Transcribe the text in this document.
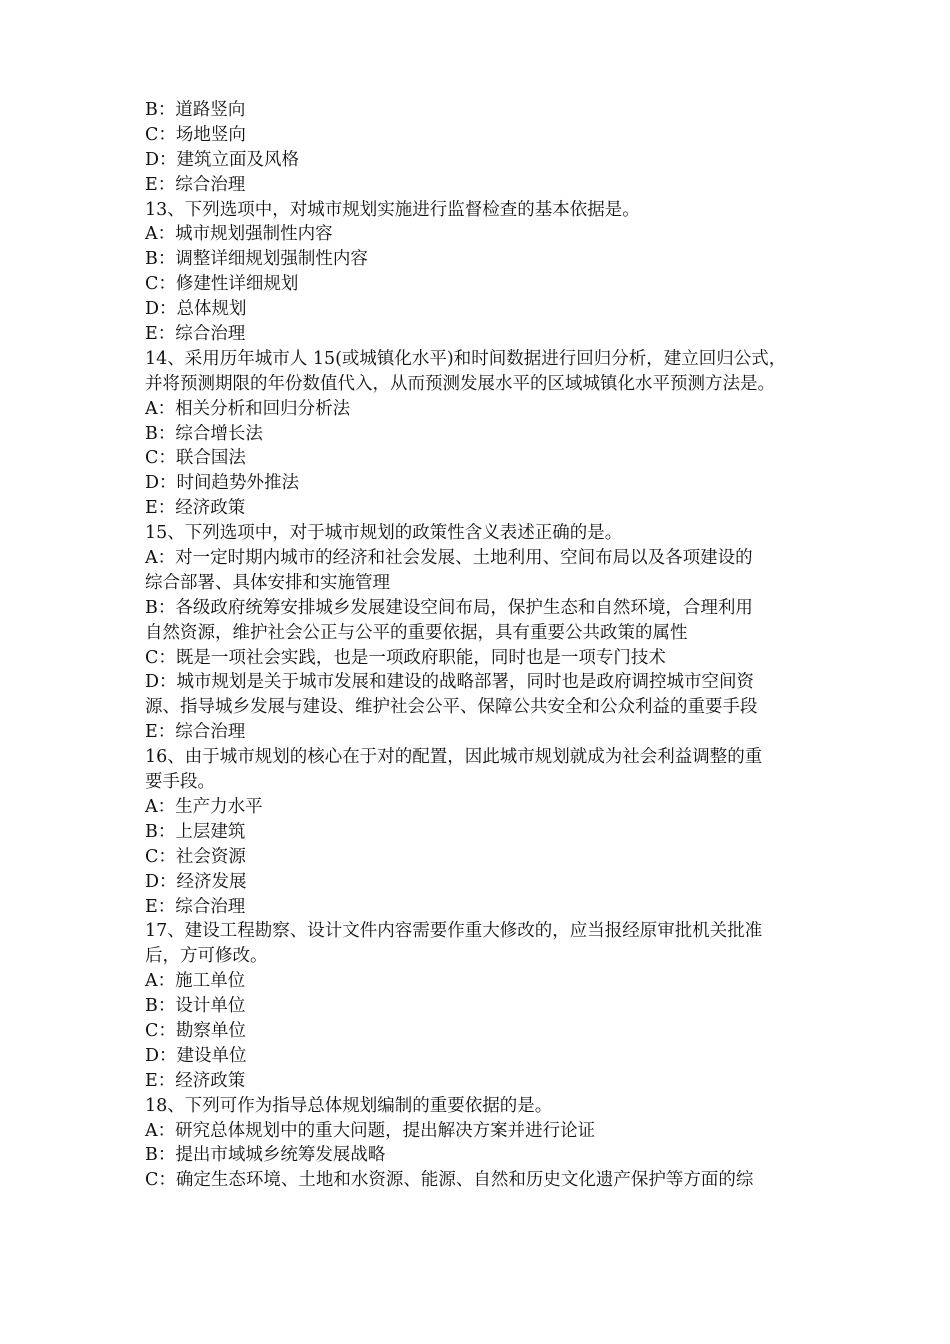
B：道路竖向
C：场地竖向
D：建筑立面及风格
E：综合治理
13、下列选项中，对城市规划实施进行监督检查的基本依据是。
A：城市规划强制性内容
B：调整详细规划强制性内容
C：修建性详细规划
D：总体规划
E：综合治理
14、采用历年城市人 15(或城镇化水平)和时间数据进行回归分析，建立回归公式，
并将预测期限的年份数值代入，从而预测发展水平的区域城镇化水平预测方法是。
A：相关分析和回归分析法
B：综合增长法
C：联合国法
D：时间趋势外推法
E：经济政策
15、下列选项中，对于城市规划的政策性含义表述正确的是。
A：对一定时期内城市的经济和社会发展、土地利用、空间布局以及各项建设的
综合部署、具体安排和实施管理
B：各级政府统筹安排城乡发展建设空间布局，保护生态和自然环境，合理利用
自然资源，维护社会公正与公平的重要依据，具有重要公共政策的属性
C：既是一项社会实践，也是一项政府职能，同时也是一项专门技术
D：城市规划是关于城市发展和建设的战略部署，同时也是政府调控城市空间资
源、指导城乡发展与建设、维护社会公平、保障公共安全和公众利益的重要手段
E：综合治理
16、由于城市规划的核心在于对的配置，因此城市规划就成为社会利益调整的重
要手段。
A：生产力水平
B：上层建筑
C：社会资源
D：经济发展
E：综合治理
17、建设工程勘察、设计文件内容需要作重大修改的，应当报经原审批机关批准
后，方可修改。
A：施工单位
B：设计单位
C：勘察单位
D：建设单位
E：经济政策
18、下列可作为指导总体规划编制的重要依据的是。
A：研究总体规划中的重大问题，提出解决方案并进行论证
B：提出市域城乡统筹发展战略
C：确定生态环境、土地和水资源、能源、自然和历史文化遗产保护等方面的综
